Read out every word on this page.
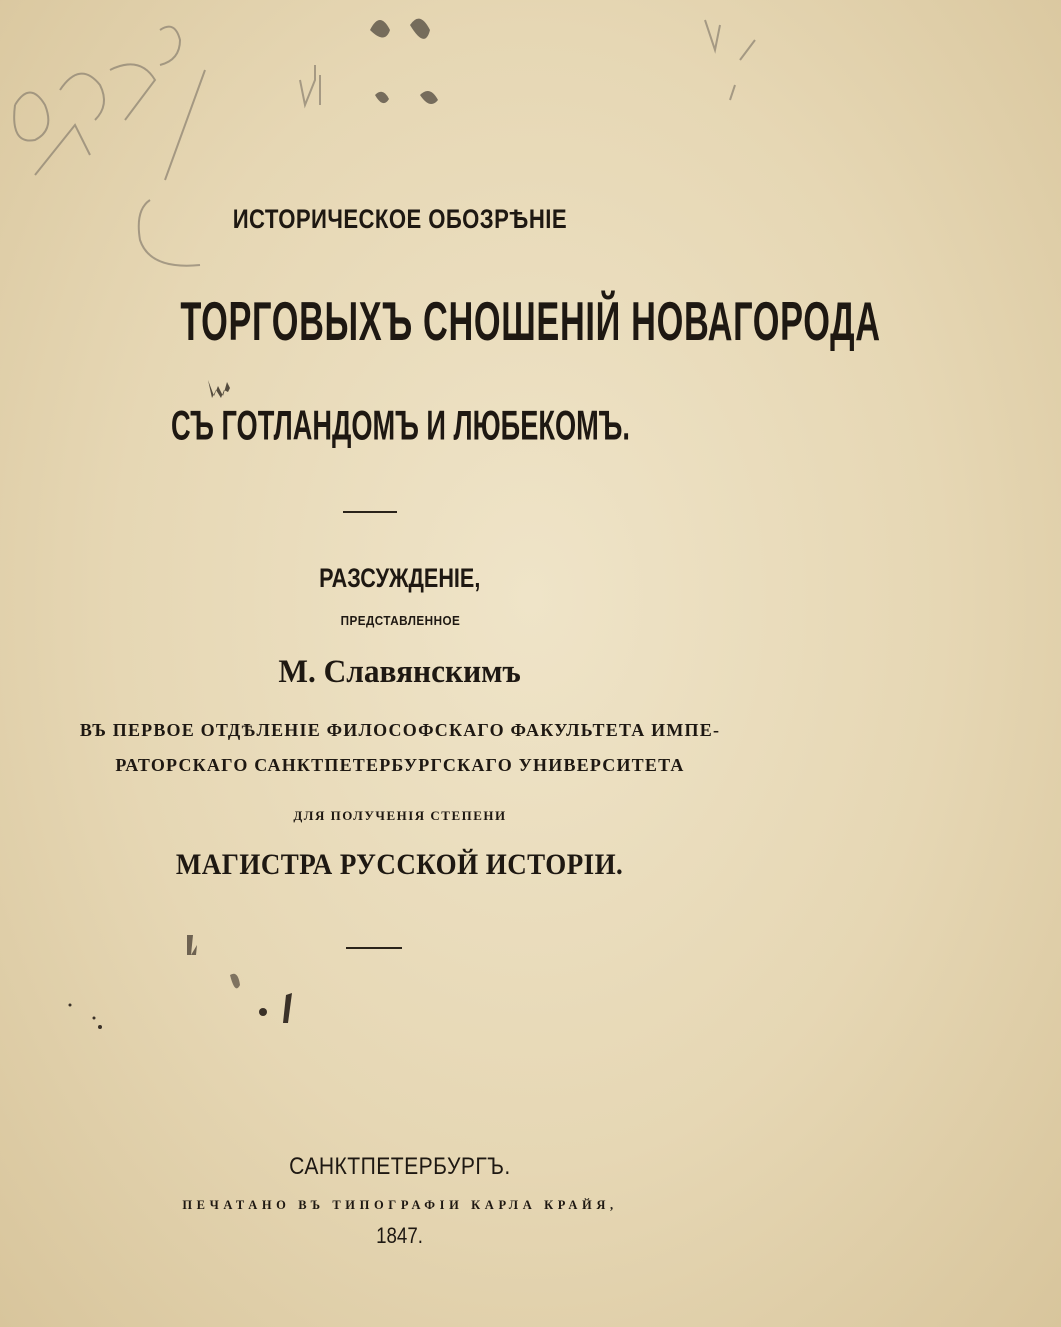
ИСТОРИЧЕСКОЕ ОБОЗРѢНІЕ
ТОРГОВЫХЪ СНОШЕНІЙ НОВАГОРОДА
СЪ ГОТЛАНДОМЪ И ЛЮБЕКОМЪ.
РАЗСУЖДЕНІЕ,
ПРЕДСТАВЛЕННОЕ
М. Славянскимъ
ВЪ ПЕРВОЕ ОТДѢЛЕНІЕ ФИЛОСОФСКАГО ФАКУЛЬТЕТА ИМПЕ-
РАТОРСКАГО САНКТПЕТЕРБУРГСКАГО УНИВЕРСИТЕТА
ДЛЯ ПОЛУЧЕНІЯ СТЕПЕНИ
МАГИСТРА РУССКОЙ ИСТОРІИ.
САНКТПЕТЕРБУРГЪ.
ПЕЧАТАНО ВЪ ТИПОГРАФІИ КАРЛА КРАЙЯ,
1847.
